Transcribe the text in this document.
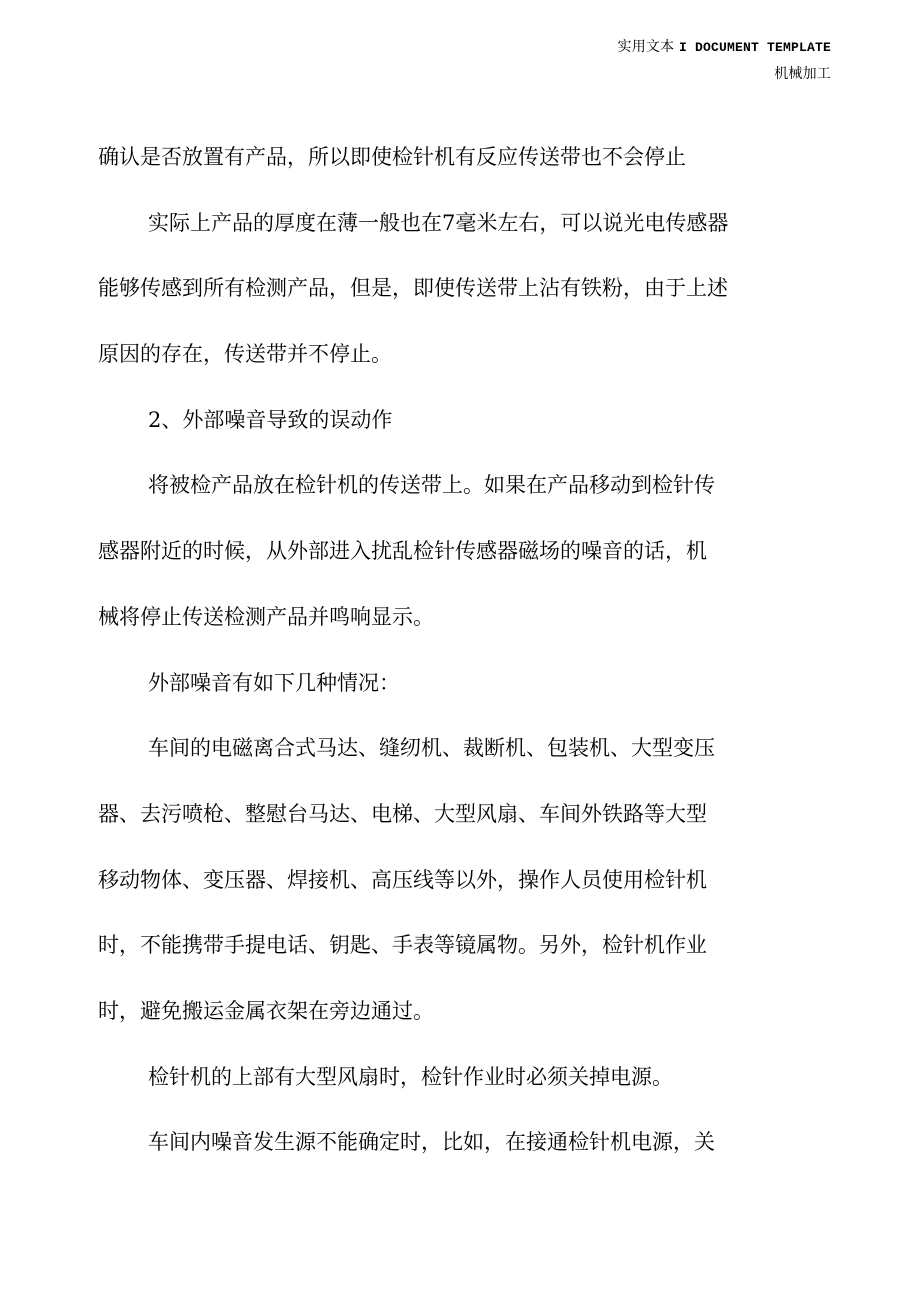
实用文本 I DOCUMENT TEMPLATE
机械加工
确认是否放置有产品，所以即使检针机有反应传送带也不会停止
实际上产品的厚度在薄一般也在7毫米左右，可以说光电传感器
能够传感到所有检测产品，但是，即使传送带上沾有铁粉，由于上述
原因的存在，传送带并不停止。
2、外部噪音导致的误动作
将被检产品放在检针机的传送带上。如果在产品移动到检针传
感器附近的时候，从外部进入扰乱检针传感器磁场的噪音的话，机
械将停止传送检测产品并鸣响显示。
外部噪音有如下几种情况：
车间的电磁离合式马达、缝纫机、裁断机、包装机、大型变压
器、去污喷枪、整慰台马达、电梯、大型风扇、车间外铁路等大型
移动物体、变压器、焊接机、高压线等以外，操作人员使用检针机
时，不能携带手提电话、钥匙、手表等镜属物。另外，检针机作业
时，避免搬运金属衣架在旁边通过。
检针机的上部有大型风扇时，检针作业时必须关掉电源。
车间内噪音发生源不能确定时，比如，在接通检针机电源，关
